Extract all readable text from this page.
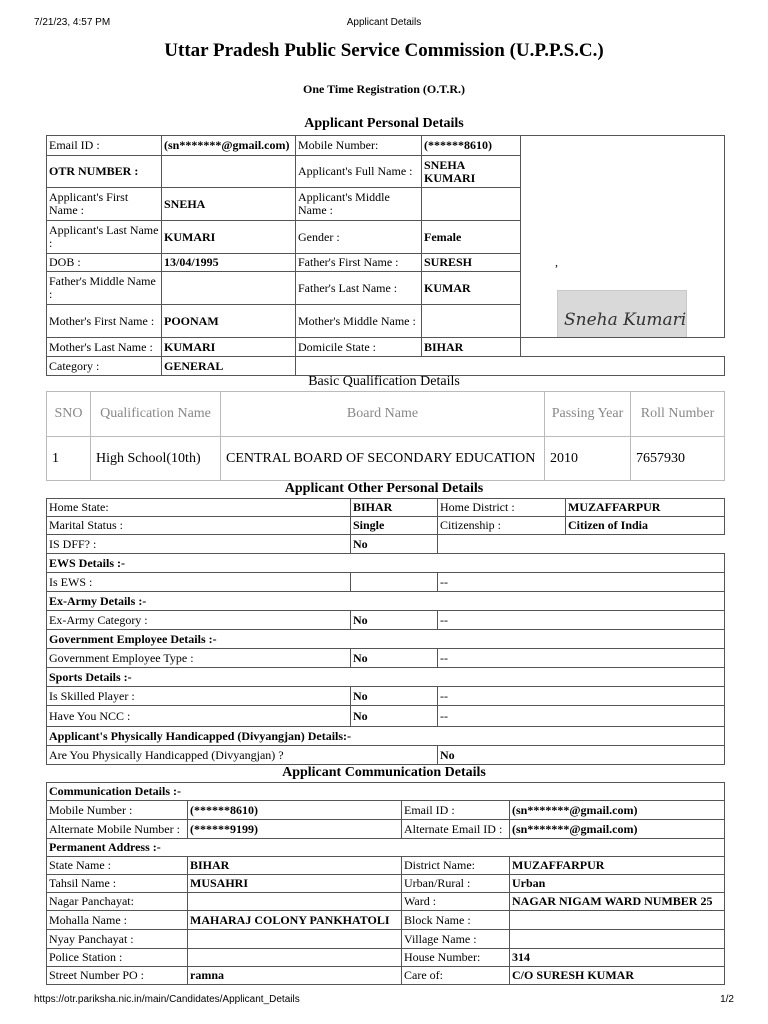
7/21/23, 4:57 PM	Applicant Details
Uttar Pradesh Public Service Commission (U.P.P.S.C.)
One Time Registration (O.T.R.)
Applicant Personal Details
Email ID :	(sn*******@gmail.com)	Mobile Number:	(******8610)	,
Sneha Kumari

OTR NUMBER :		Applicant's Full Name :	SNEHA KUMARI	
Applicant's First Name :	SNEHA	Applicant's Middle Name :		
Applicant's Last Name :	KUMARI	Gender :	Female	
DOB :	13/04/1995	Father's First Name :	SURESH	
Father's Middle Name :		Father's Last Name :	KUMAR	
Mother's First Name :	POONAM	Mother's Middle Name :		
Mother's Last Name :	KUMARI	Domicile State :	BIHAR	
Category :	GENERAL			
Basic Qualification Details
SNO	Qualification Name	Board Name	Passing Year	Roll Number
1	High School(10th)	CENTRAL BOARD OF SECONDARY EDUCATION	2010	7657930
Applicant Other Personal Details
Home State:	BIHAR	Home District :	MUZAFFARPUR
Marital Status :	Single	Citizenship :	Citizen of India
IS DFF? :	No		
EWS Details :-			
Is EWS :		--	
Ex-Army Details :-			
Ex-Army Category :	No	--	
Government Employee Details :-			
Government Employee Type :	No	--	
Sports Details :-			
Is Skilled Player :	No	--	
Have You NCC :	No	--	
Applicant's Physically Handicapped (Divyangjan) Details:-			
Are You Physically Handicapped (Divyangjan) ?		No	
Applicant Communication Details
Communication Details :-			
Mobile Number :	(******8610)	Email ID :	(sn*******@gmail.com)
Alternate Mobile Number :	(******9199)	Alternate Email ID :	(sn*******@gmail.com)
Permanent Address :-			
State Name :	BIHAR	District Name:	MUZAFFARPUR
Tahsil Name :	MUSAHRI	Urban/Rural :	Urban
Nagar Panchayat:		Ward :	NAGAR NIGAM WARD NUMBER 25
Mohalla Name :	MAHARAJ COLONY PANKHATOLI	Block Name :	
Nyay Panchayat :		Village Name :	
Police Station :		House Number:	314
Street Number PO :	ramna	Care of:	C/O SURESH KUMAR
https://otr.pariksha.nic.in/main/Candidates/Applicant_Details	1/2
